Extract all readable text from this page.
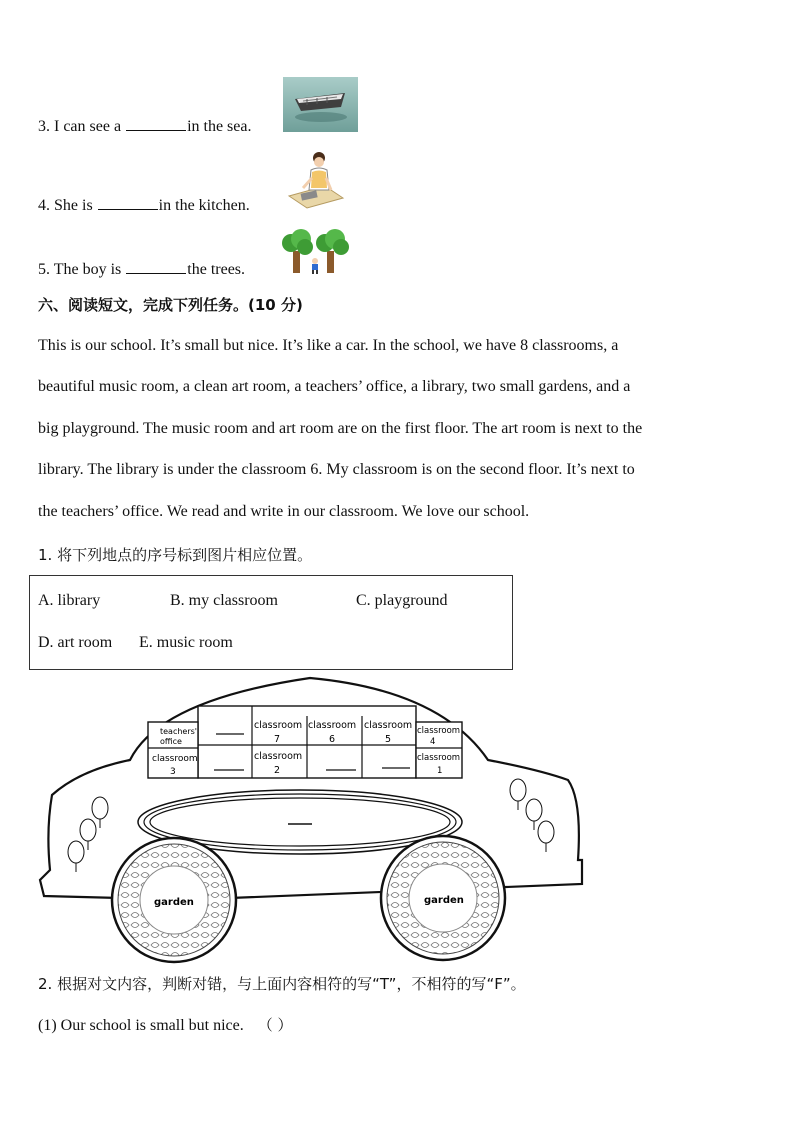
3. I can see a	in the sea.
4. She is	in the kitchen.
5. The boy is	the trees.
六、阅读短文，完成下列任务。(10 分)
This is our school. It’s small but nice. It’s like a car. In the school, we have 8 classrooms, a
beautiful music room, a clean art room, a teachers’ office, a library, two small gardens, and a
big playground. The music room and art room are on the first floor. The art room is next to the
library. The library is under the classroom 6. My classroom is on the second floor. It’s next to
the teachers’ office. We read and write in our classroom. We love our school.
1. 将下列地点的序号标到图片相应位置。
A. library	B. my classroom	C. playground
D. art room E. music room
teachers'
office
classroom
3
classroom
7
classroom
6
classroom
5
classroom
4
classroom
2
classroom
1
garden	garden
2. 根据对文内容，判断对错，与上面内容相符的写“T”，不相符的写“F”。
(1) Our school is small but nice. （ ）
